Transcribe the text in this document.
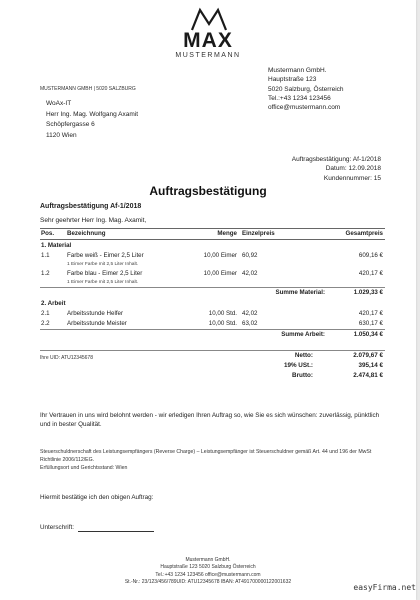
MAX
MUSTERMANN
MUSTERMANN GMBH | 5020 SALZBURG
WoAx-IT
Herr Ing. Mag. Wolfgang Axamit
Schöpfergasse 6
1120 Wien
Mustermann GmbH.
Hauptstraße 123
5020 Salzburg, Österreich
Tel.:+43 1234 123456
office@mustermann.com
Auftragsbestätigung: Af-1/2018
Datum: 12.09.2018
Kundennummer: 15
Auftragsbestätigung
Auftragsbestätigung Af-1/2018
Sehr geehrter Herr Ing. Mag. Axamit,
Pos. Bezeichnung	Menge Einzelpreis	Gesamtpreis
1. Material
1.1	Farbe weiß - Eimer 2,5 Liter	10,00 Eimer 60,92	609,16 €
1 Eimer Farbe mit 2,5 Liter Inhalt.
1.2	Farbe blau - Eimer 2,5 Liter	10,00 Eimer 42,02	420,17 €
1 Eimer Farbe mit 2,5 Liter Inhalt.
Summe Material:	1.029,33 €
2. Arbeit
2.1	Arbeitsstunde Helfer	10,00 Std. 42,02	420,17 €
2.2	Arbeitsstunde Meister	10,00 Std. 63,02	630,17 €
Summe Arbeit:	1.050,34 €
Ihre UID: ATU12345678	Netto:	2.079,67 €
19% USt.:	395,14 €
Brutto:	2.474,81 €
Ihr Vertrauen in uns wird belohnt werden - wir erledigen Ihren Auftrag so, wie Sie es sich wünschen: zuverlässig, pünktlich und in bester Qualität.
Steuerschuldnerschaft des Leistungsempfängers (Reverse Charge) – Leistungsempfänger ist Steuerschuldner gemäß Art. 44 und 196 der MwSt Richtlinie 2006/112/EG.
Erfüllungsort und Gerichtsstand: Wien
Hiermit bestätige ich den obigen Auftrag:
Unterschrift:
Mustermann GmbH.
Hauptstraße 123 5020 Salzburg Österreich
Tel.:+43 1234 123456 office@mustermann.com
St.-Nr.: 23/123/456/789UID: ATU12345678 IBAN: AT491700000122001632
easyFirma.net
